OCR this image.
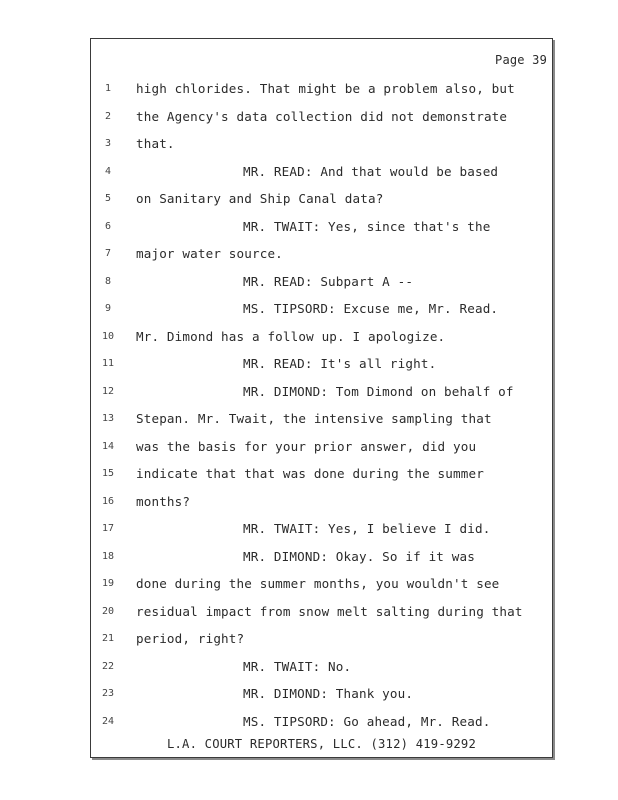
Page 39
1	high chlorides. That might be a problem also, but
2	the Agency's data collection did not demonstrate
3	that.
4	MR. READ: And that would be based
5	on Sanitary and Ship Canal data?
6	MR. TWAIT: Yes, since that's the
7	major water source.
8	MR. READ: Subpart A --
9	MS. TIPSORD: Excuse me, Mr. Read.
10 Mr. Dimond has a follow up. I apologize.
11	MR. READ: It's all right.
12	MR. DIMOND: Tom Dimond on behalf of
13 Stepan. Mr. Twait, the intensive sampling that
14 was the basis for your prior answer, did you
15 indicate that that was done during the summer
16 months?
17	MR. TWAIT: Yes, I believe I did.
18	MR. DIMOND: Okay. So if it was
19 done during the summer months, you wouldn't see
20 residual impact from snow melt salting during that
21 period, right?
22	MR. TWAIT: No.
23	MR. DIMOND: Thank you.
24	MS. TIPSORD: Go ahead, Mr. Read.
L.A. COURT REPORTERS, LLC. (312) 419-9292
